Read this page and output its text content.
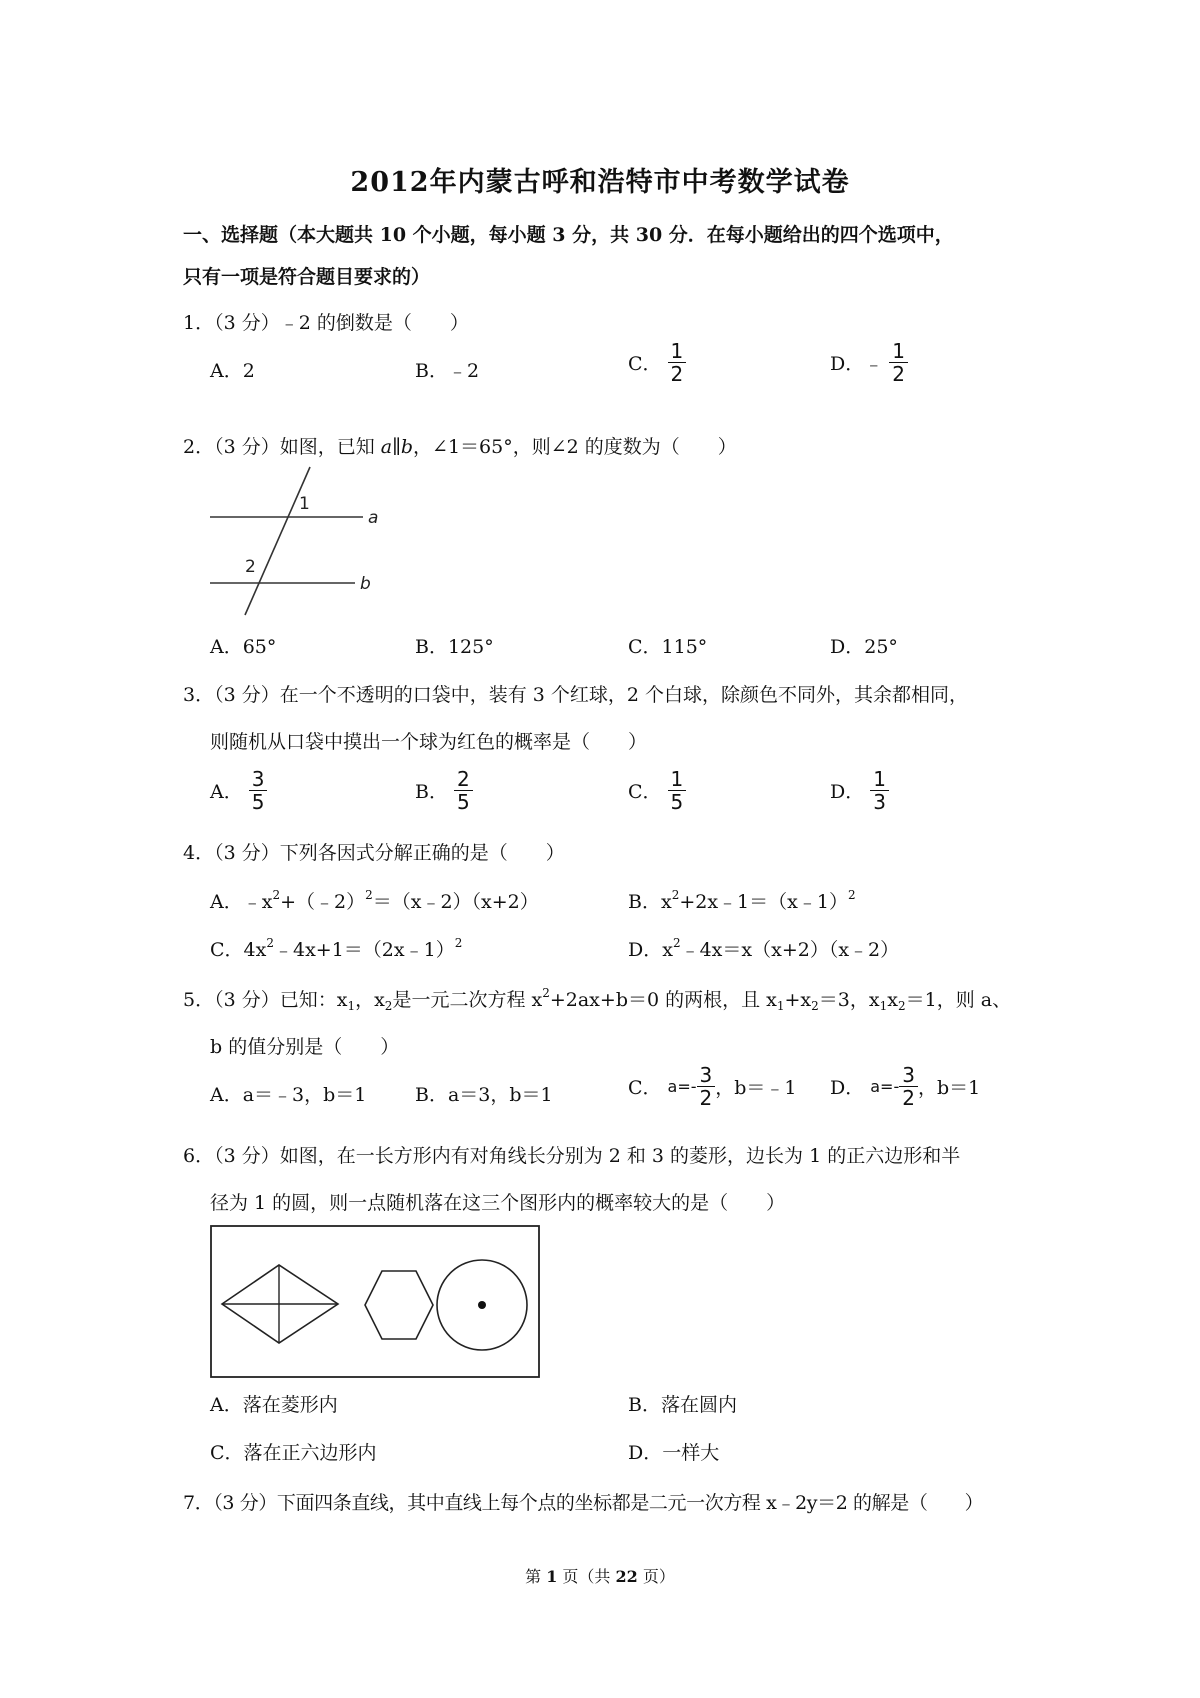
2012年内蒙古呼和浩特市中考数学试卷
一、选择题（本大题共 10 个小题，每小题 3 分，共 30 分．在每小题给出的四个选项中，
只有一项是符合题目要求的）
1．（3 分）﹣2 的倒数是（　　）
A．2	B．﹣2	C． $\frac{1}{2}$	D．﹣ $\frac{1}{2}$
2．（3 分）如图，已知 a∥b，∠1＝65°，则∠2 的度数为（　　）
1
2
a
b
A．65°	B．125°	C．115°	D．25°
3．（3 分）在一个不透明的口袋中，装有 3 个红球，2 个白球，除颜色不同外，其余都相同，
则随机从口袋中摸出一个球为红色的概率是（　　）
A． $\frac{3}{5}$	B． $\frac{2}{5}$	C． $\frac{1}{5}$	D． $\frac{1}{3}$
4．（3 分）下列各因式分解正确的是（　　）
A．$﹣x^2+(﹣2)^2=(x﹣2)(x+2)$	B．$x^2+2x﹣1=(x﹣1)^2$
C．$4x^2﹣4x+1=(2x﹣1)^2$	D．$x^2﹣4x=x(x+2)(x﹣2)$
5．（3 分）已知：$x_1$，$x_2$是一元二次方程 $x^2+2ax+b=0$ 的两根，且 $x_1+x_2=3$，$x_1x_2=1$，则 a、
b 的值分别是（　　）
A．a＝﹣3，b＝1	B．a＝3，b＝1	C． $a=- \frac{3}{2}$ ，b＝﹣1 D． $a=- \frac{3}{2}$ ，b＝1
6．（3 分）如图，在一长方形内有对角线长分别为 2 和 3 的菱形，边长为 1 的正六边形和半
径为 1 的圆，则一点随机落在这三个图形内的概率较大的是（　　）
A．落在菱形内	B．落在圆内
C．落在正六边形内	D．一样大
7．（3 分）下面四条直线，其中直线上每个点的坐标都是二元一次方程 x﹣2y＝2 的解是（　　）
第 1 页（共 22 页）
